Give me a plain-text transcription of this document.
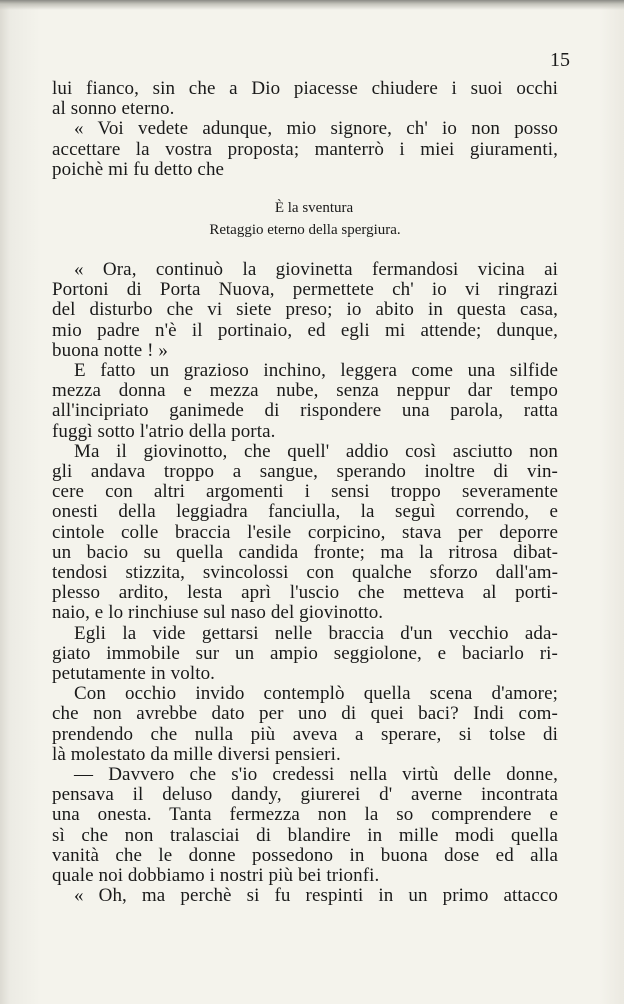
15
lui fianco, sin che a Dio piacesse chiudere i suoi occhi
al sonno eterno.
« Voi vedete adunque, mio signore, ch' io non posso
accettare la vostra proposta; manterrò i miei giuramenti,
poichè mi fu detto che
È la sventura
Retaggio eterno della spergiura.
« Ora, continuò la giovinetta fermandosi vicina ai
Portoni di Porta Nuova, permettete ch' io vi ringrazi
del disturbo che vi siete preso; io abito in questa casa,
mio padre n'è il portinaio, ed egli mi attende; dunque,
buona notte ! »
E fatto un grazioso inchino, leggera come una silfide
mezza donna e mezza nube, senza neppur dar tempo
all'incipriato ganimede di rispondere una parola, ratta
fuggì sotto l'atrio della porta.
Ma il giovinotto, che quell' addio così asciutto non
gli andava troppo a sangue, sperando inoltre di vin-
cere con altri argomenti i sensi troppo severamente
onesti della leggiadra fanciulla, la seguì correndo, e
cintole colle braccia l'esile corpicino, stava per deporre
un bacio su quella candida fronte; ma la ritrosa dibat-
tendosi stizzita, svincolossi con qualche sforzo dall'am-
plesso ardito, lesta aprì l'uscio che metteva al porti-
naio, e lo rinchiuse sul naso del giovinotto.
Egli la vide gettarsi nelle braccia d'un vecchio ada-
giato immobile sur un ampio seggiolone, e baciarlo ri-
petutamente in volto.
Con occhio invido contemplò quella scena d'amore;
che non avrebbe dato per uno di quei baci? Indi com-
prendendo che nulla più aveva a sperare, si tolse di
là molestato da mille diversi pensieri.
— Davvero che s'io credessi nella virtù delle donne,
pensava il deluso dandy, giurerei d' averne incontrata
una onesta. Tanta fermezza non la so comprendere e
sì che non tralasciai di blandire in mille modi quella
vanità che le donne possedono in buona dose ed alla
quale noi dobbiamo i nostri più bei trionfi.
« Oh, ma perchè si fu respinti in un primo attacco
